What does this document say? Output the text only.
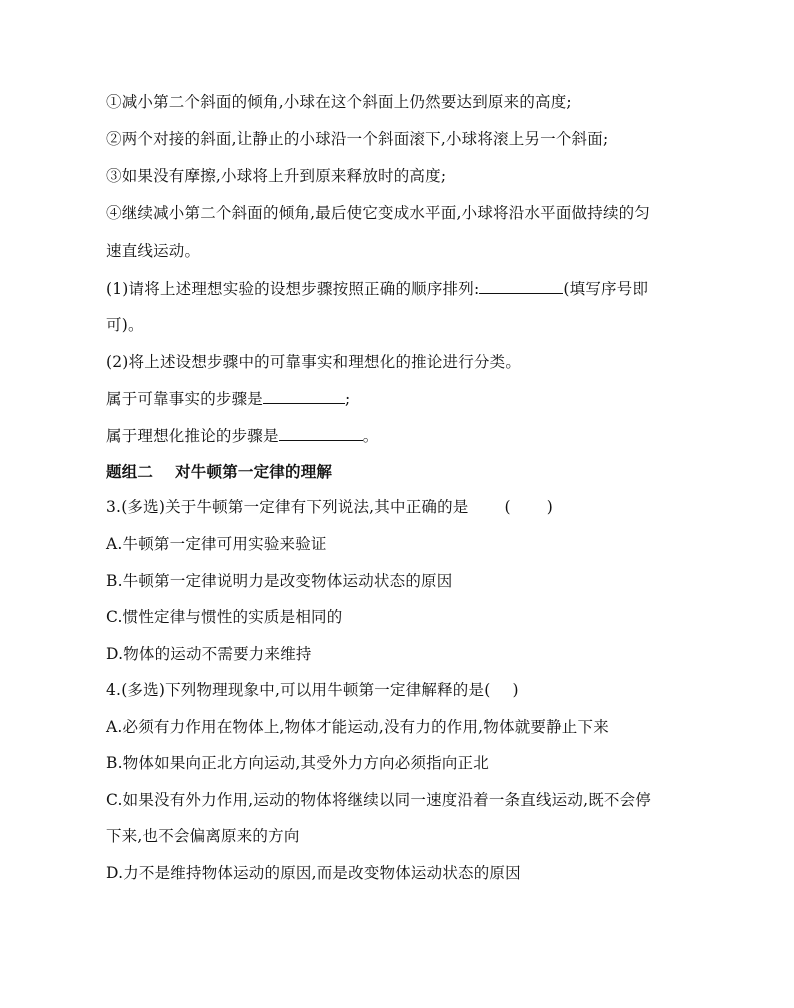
①减小第二个斜面的倾角,小球在这个斜面上仍然要达到原来的高度;
②两个对接的斜面,让静止的小球沿一个斜面滚下,小球将滚上另一个斜面;
③如果没有摩擦,小球将上升到原来释放时的高度;
④继续减小第二个斜面的倾角,最后使它变成水平面,小球将沿水平面做持续的匀
速直线运动。
(1)请将上述理想实验的设想步骤按照正确的顺序排列:	(填写序号即
可)。
(2)将上述设想步骤中的可靠事实和理想化的推论进行分类。
属于可靠事实的步骤是	;
属于理想化推论的步骤是	。
题组二 对牛顿第一定律的理解
3.(多选)关于牛顿第一定律有下列说法,其中正确的是 ( )
A.牛顿第一定律可用实验来验证
B.牛顿第一定律说明力是改变物体运动状态的原因
C.惯性定律与惯性的实质是相同的
D.物体的运动不需要力来维持
4.(多选)下列物理现象中,可以用牛顿第一定律解释的是( )
A.必须有力作用在物体上,物体才能运动,没有力的作用,物体就要静止下来
B.物体如果向正北方向运动,其受外力方向必须指向正北
C.如果没有外力作用,运动的物体将继续以同一速度沿着一条直线运动,既不会停
下来,也不会偏离原来的方向
D.力不是维持物体运动的原因,而是改变物体运动状态的原因
